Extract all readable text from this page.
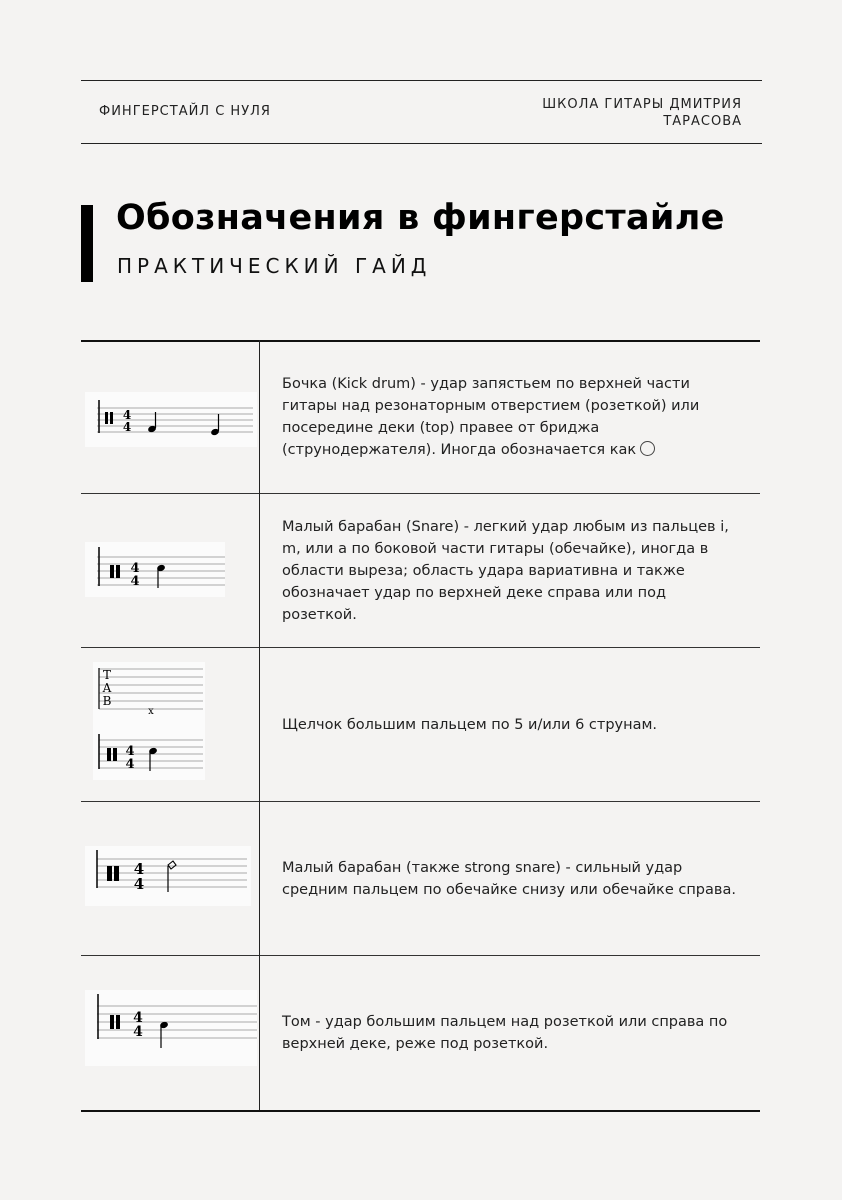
ФИНГЕРСТАЙЛ С НУЛЯ	ШКОЛА ГИТАРЫ ДМИТРИЯ ТАРАСОВА
Обозначения в фингерстайле
ПРАКТИЧЕСКИЙ ГАЙД
4
4
Бочка (Kick drum) - удар запястьем по верхней части гитары над резонаторным отверстием (розеткой) или посередине деки (top) правее от бриджа (струнодержателя). Иногда обозначается как
4
4
Малый барабан (Snare) - легкий удар любым из пальцев i, m, или a по боковой части гитары (обечайке), иногда в области выреза; область удара вариативна и также обозначает удар по верхней деке справа или под розеткой.
T
A
B
x
4
4
Щелчок большим пальцем по 5 и/или 6 струнам.
4
4
Малый барабан (также strong snare) - сильный удар средним пальцем по обечайке снизу или обечайке справа.
4
4
Том - удар большим пальцем над розеткой или справа по верхней деке, реже под розеткой.
